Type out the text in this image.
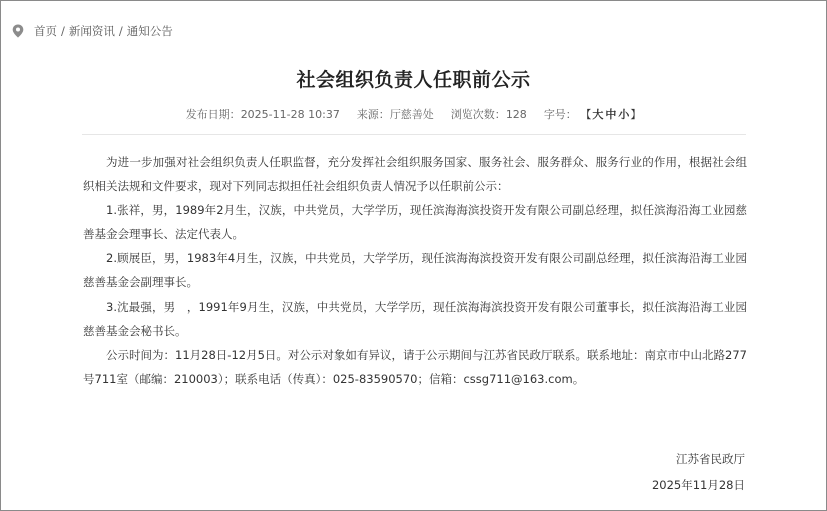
首页 / 新闻资讯 / 通知公告
社会组织负责人任职前公示
发布日期：2025-11-28 10:37 来源：厅慈善处 浏览次数：128 字号： 【大 中 小】

为进一步加强对社会组织负责人任职监督，充分发挥社会组织服务国家、服务社会、服务群众、服务行业的作用，根据社会组织相关法规和文件要求，现对下列同志拟担任社会组织负责人情况予以任职前公示：

1.张祥，男，1989年2月生，汉族，中共党员，大学学历，现任滨海海滨投资开发有限公司副总经理，拟任滨海沿海工业园慈善基金会理事长、法定代表人。

2.顾展臣，男，1983年4月生，汉族，中共党员，大学学历，现任滨海海滨投资开发有限公司副总经理，拟任滨海沿海工业园慈善基金会副理事长。

3.沈最强，男　，1991年9月生，汉族，中共党员，大学学历，现任滨海海滨投资开发有限公司董事长，拟任滨海沿海工业园慈善基金会秘书长。

公示时间为：11月28日-12月5日。对公示对象如有异议，请于公示期间与江苏省民政厅联系。联系地址：南京市中山北路277号711室（邮编：210003）；联系电话（传真）：025-83590570；信箱：cssg711@163.com。

江苏省民政厅
2025年11月28日
